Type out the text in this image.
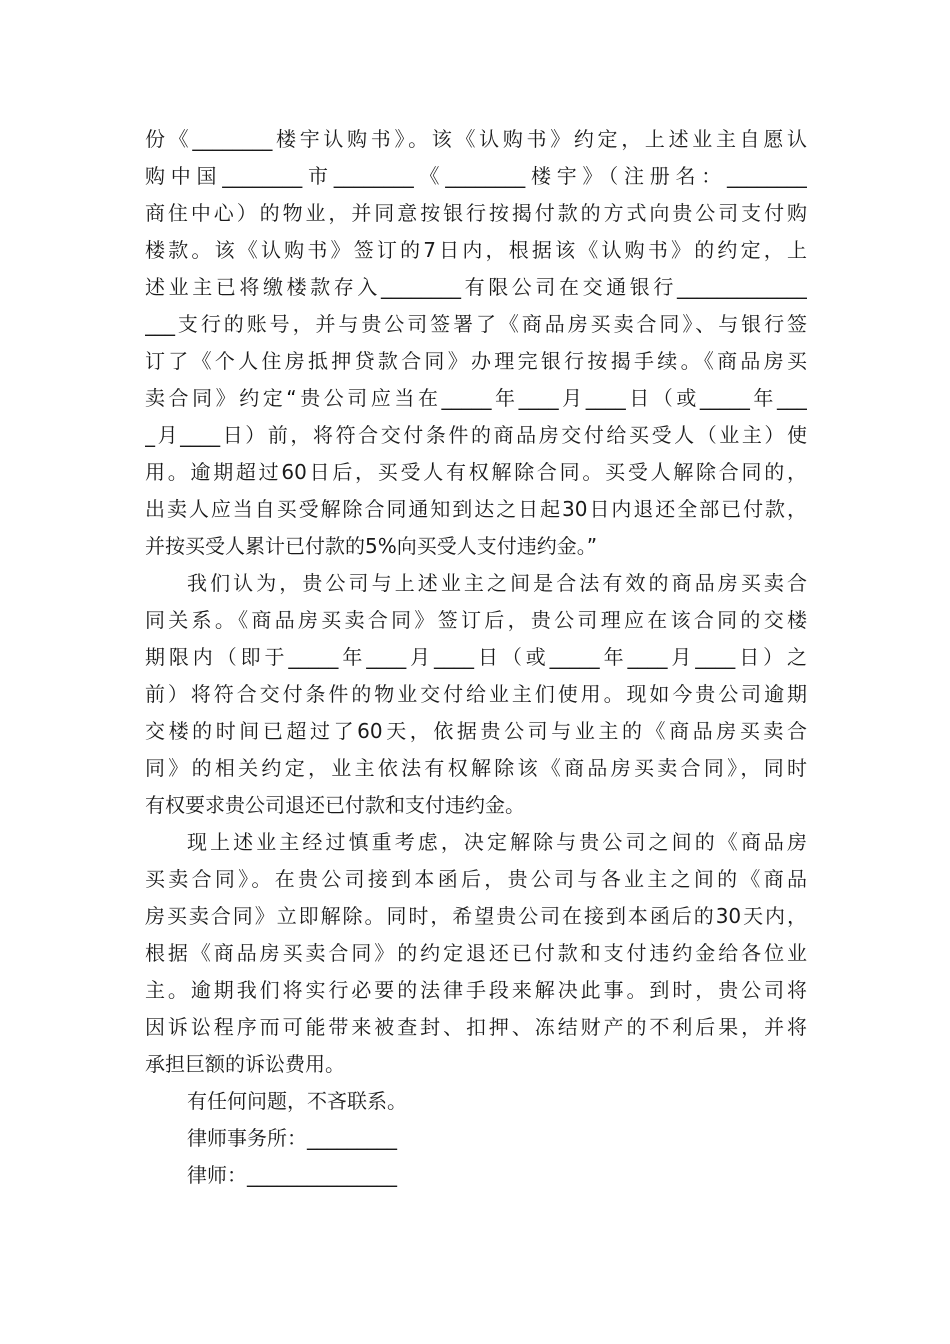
份《________楼宇认购书》。该《认购书》约定，上述业主自愿认
购中国________市________《________楼宇》（注册名：________
商住中心）的物业，并同意按银行按揭付款的方式向贵公司支付购
楼款。该《认购书》签订的7日内，根据该《认购书》的约定，上
述业主已将缴楼款存入________有限公司在交通银行_____________
___支行的账号，并与贵公司签署了《商品房买卖合同》、与银行签
订了《个人住房抵押贷款合同》办理完银行按揭手续。《商品房买
卖合同》约定“贵公司应当在_____年____月____日（或_____年___
_月____日）前，将符合交付条件的商品房交付给买受人（业主）使
用。逾期超过60日后，买受人有权解除合同。买受人解除合同的，
出卖人应当自买受解除合同通知到达之日起30日内退还全部已付款，
并按买受人累计已付款的5%向买受人支付违约金。”
我们认为，贵公司与上述业主之间是合法有效的商品房买卖合
同关系。《商品房买卖合同》签订后，贵公司理应在该合同的交楼
期限内（即于_____年____月____日（或_____年____月____日）之
前）将符合交付条件的物业交付给业主们使用。现如今贵公司逾期
交楼的时间已超过了60天，依据贵公司与业主的《商品房买卖合
同》的相关约定，业主依法有权解除该《商品房买卖合同》，同时
有权要求贵公司退还已付款和支付违约金。
现上述业主经过慎重考虑，决定解除与贵公司之间的《商品房
买卖合同》。在贵公司接到本函后，贵公司与各业主之间的《商品
房买卖合同》立即解除。同时，希望贵公司在接到本函后的30天内，
根据《商品房买卖合同》的约定退还已付款和支付违约金给各位业
主。逾期我们将实行必要的法律手段来解决此事。到时，贵公司将
因诉讼程序而可能带来被查封、扣押、冻结财产的不利后果，并将
承担巨额的诉讼费用。
有任何问题，不吝联系。
律师事务所：_________
律师：_______________
